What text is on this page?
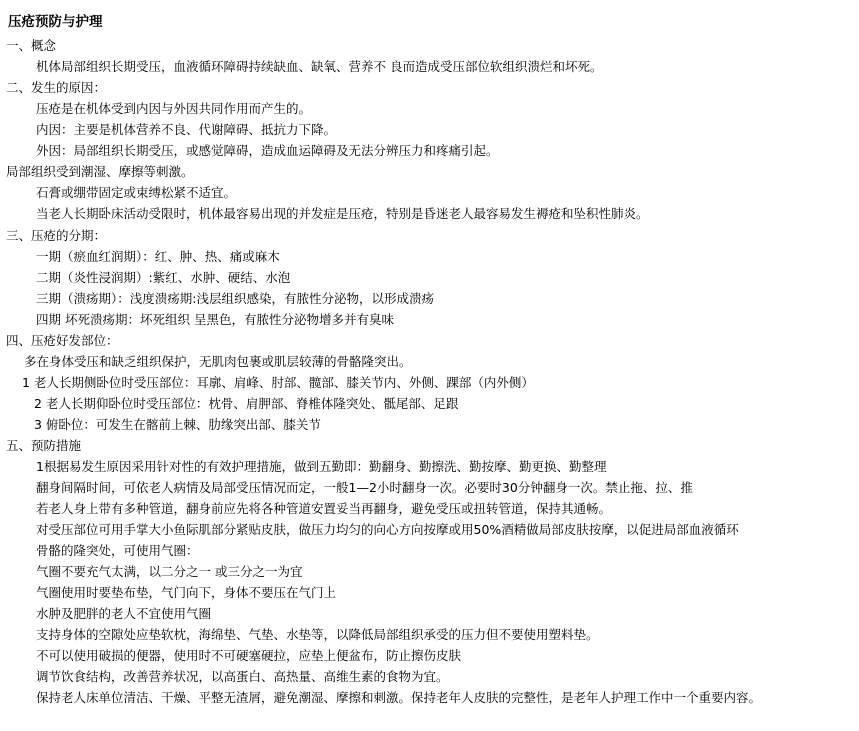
压疮预防与护理
一、概念
机体局部组织长期受压，血液循环障碍持续缺血、缺氧、营养不 良而造成受压部位软组织溃烂和坏死。
二、发生的原因：
压疮是在机体受到内因与外因共同作用而产生的。
内因：主要是机体营养不良、代谢障碍、抵抗力下降。
外因：局部组织长期受压，或感觉障碍，造成血运障碍及无法分辨压力和疼痛引起。
局部组织受到潮湿、摩擦等刺激。
石膏或绷带固定或束缚松紧不适宜。
当老人长期卧床活动受限时，机体最容易出现的并发症是压疮，特别是昏迷老人最容易发生褥疮和坠积性肺炎。
三、压疮的分期：
一期（瘀血红润期）：红、肿、热、痛或麻木
二期（炎性浸润期）:紫红、水肿、硬结、水泡
三期（溃疡期）：浅度溃疡期:浅层组织感染，有脓性分泌物，以形成溃疡
四期 坏死溃疡期：坏死组织 呈黑色，有脓性分泌物增多并有臭味
四、压疮好发部位：
多在身体受压和缺乏组织保护，无肌肉包裹或肌层较薄的骨骼隆突出。
1 老人长期侧卧位时受压部位：耳廓、肩峰、肘部、髋部、膝关节内、外侧、踝部（内外侧）
2 老人长期仰卧位时受压部位：枕骨、肩胛部、脊椎体隆突处、骶尾部、足跟
3 俯卧位：可发生在髂前上棘、肋缘突出部、膝关节
五、预防措施
1根据易发生原因采用针对性的有效护理措施，做到五勤即：勤翻身、勤擦洗、勤按摩、勤更换、勤整理
翻身间隔时间，可依老人病情及局部受压情况而定，一般1—2小时翻身一次。必要时30分钟翻身一次。禁止拖、拉、推
若老人身上带有多种管道，翻身前应先将各种管道安置妥当再翻身，避免受压或扭转管道，保持其通畅。
对受压部位可用手掌大小鱼际肌部分紧贴皮肤，做压力均匀的向心方向按摩或用50%酒精做局部皮肤按摩，以促进局部血液循环
骨骼的隆突处，可使用气圈：
气圈不要充气太满，以二分之一 或三分之一为宜
气圈使用时要垫布垫，气门向下，身体不要压在气门上
水肿及肥胖的老人不宜使用气圈
支持身体的空隙处应垫软枕，海绵垫、气垫、水垫等，以降低局部组织承受的压力但不要使用塑料垫。
不可以使用破损的便器，使用时不可硬塞硬拉，应垫上便盆布，防止擦伤皮肤
调节饮食结构，改善营养状况，以高蛋白、高热量、高维生素的食物为宜。
保持老人床单位清洁、干燥、平整无渣屑，避免潮湿、摩擦和刺激。保持老年人皮肤的完整性，是老年人护理工作中一个重要内容。
